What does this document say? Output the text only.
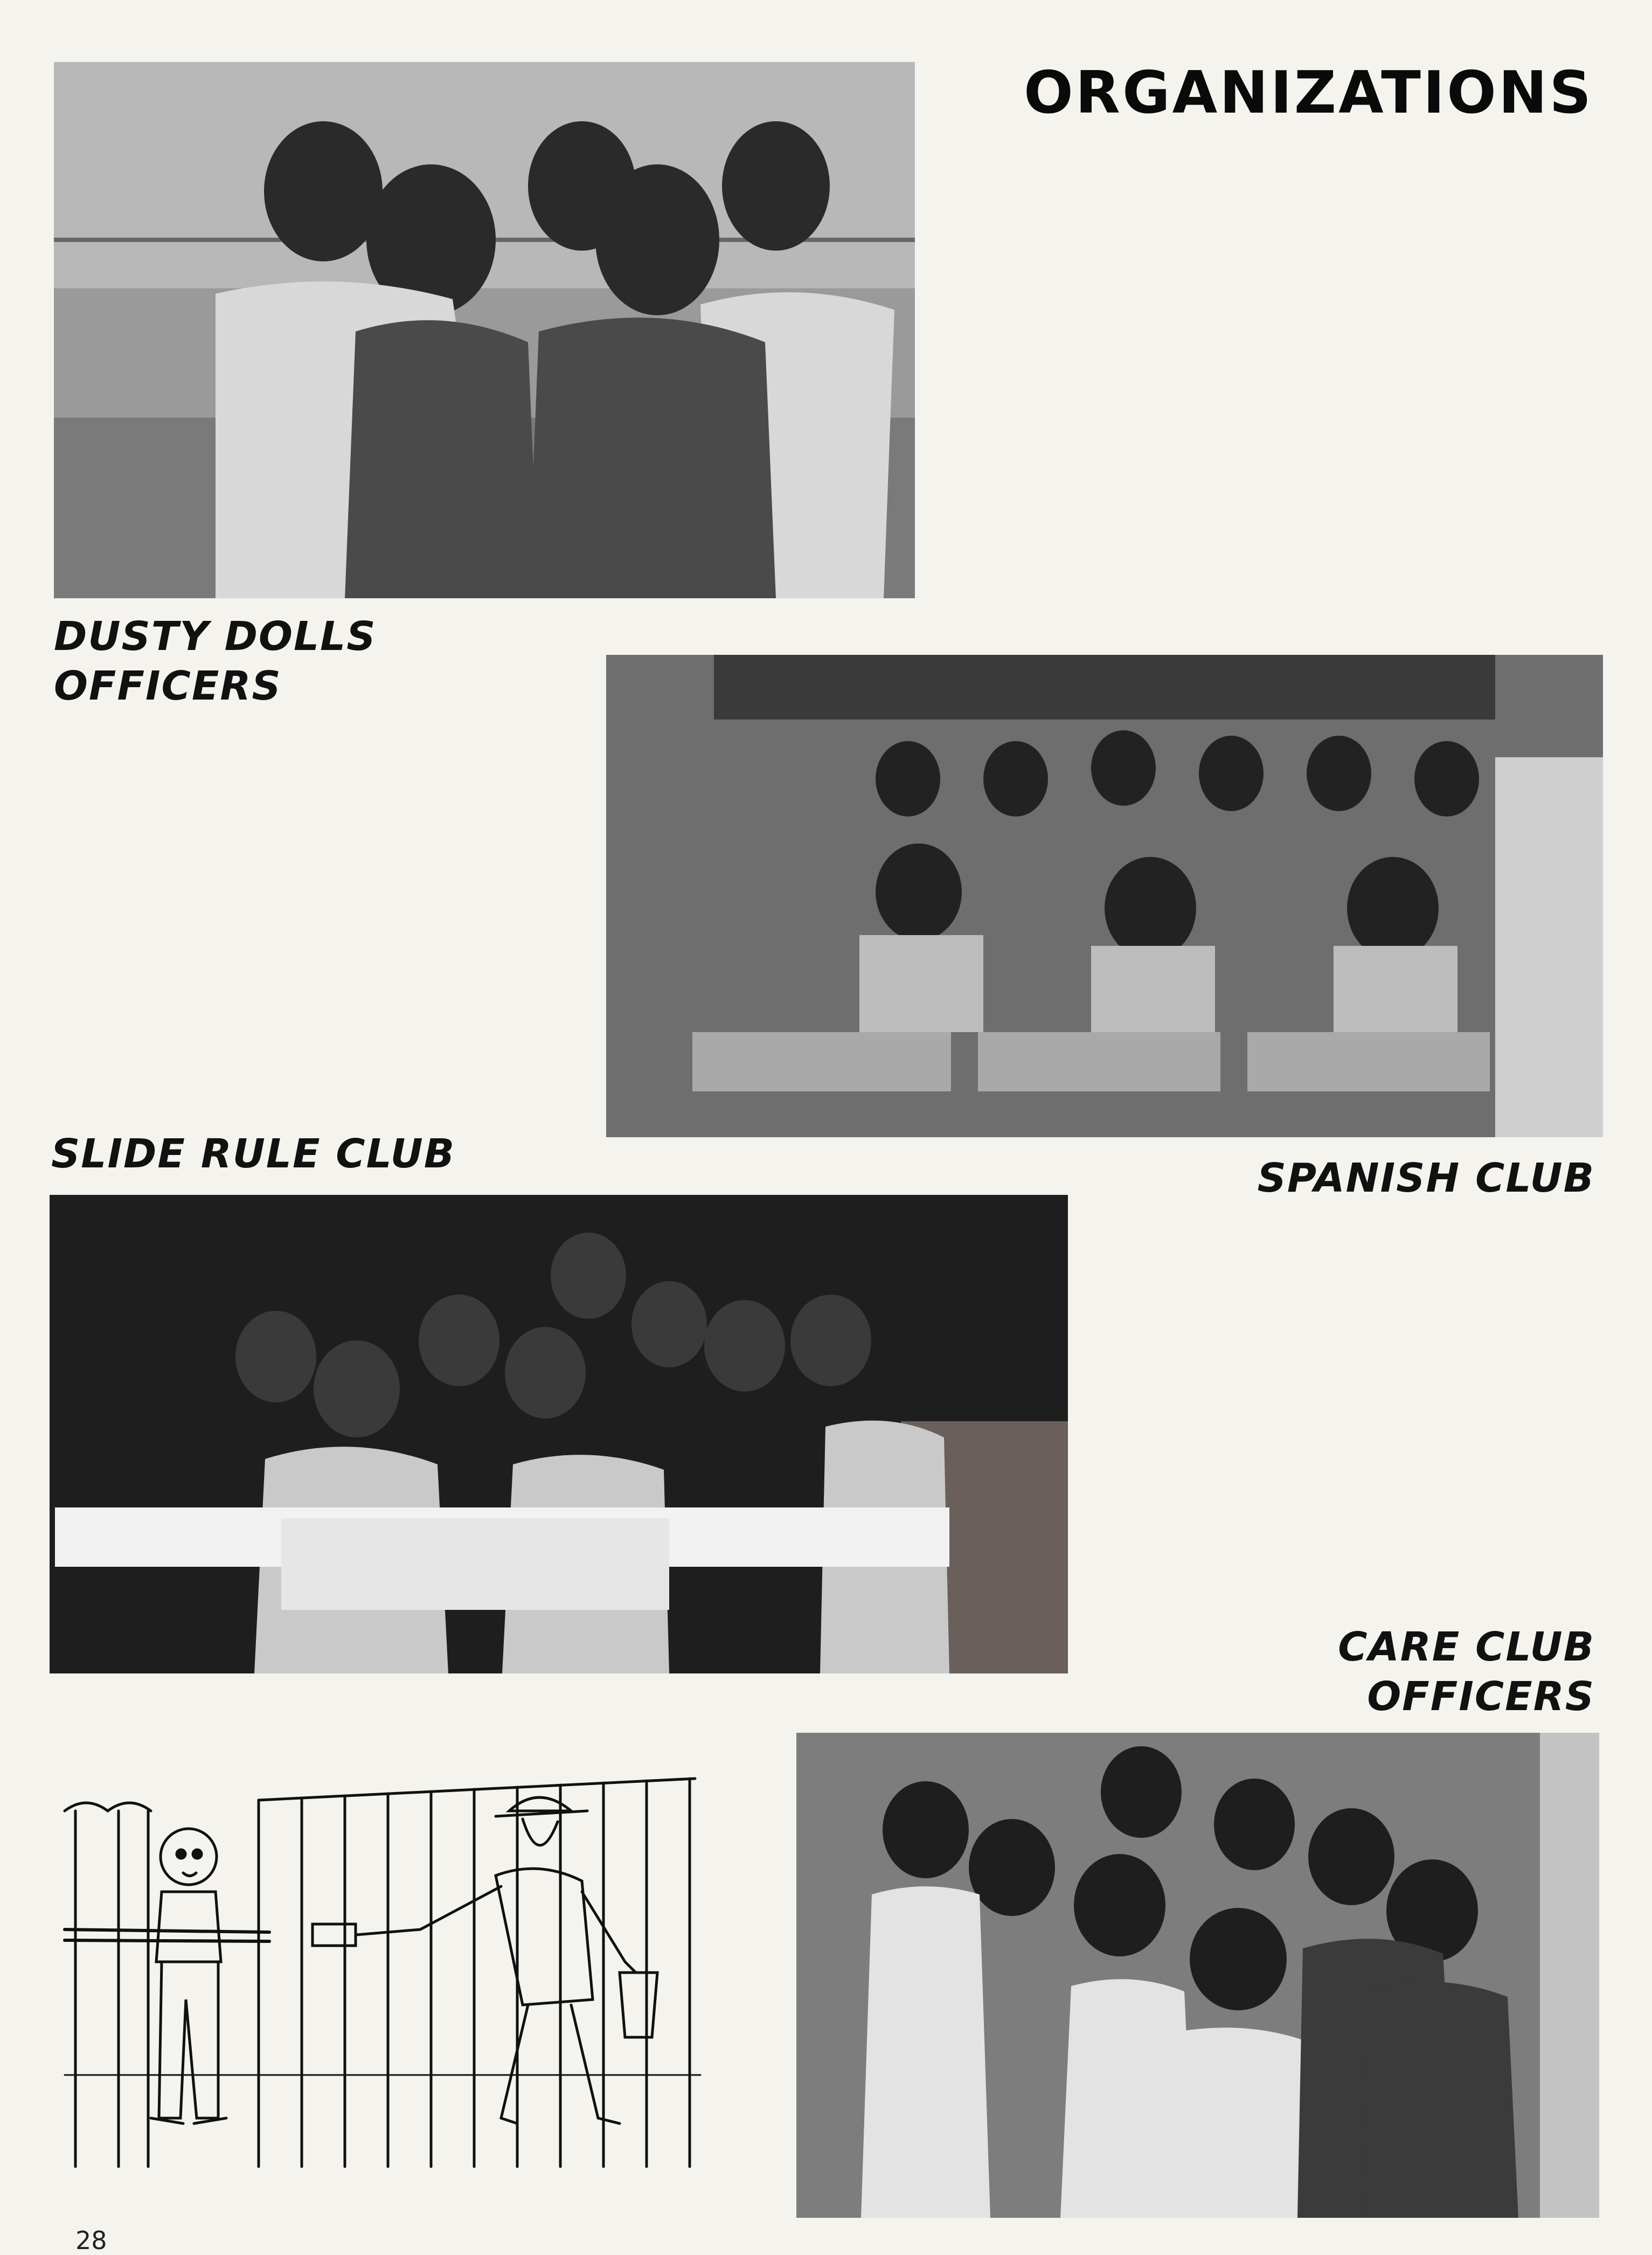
ORGANIZATIONS
DUSTY DOLLS
OFFICERS
SLIDE RULE CLUB
SPANISH CLUB
CARE CLUB
OFFICERS
28
